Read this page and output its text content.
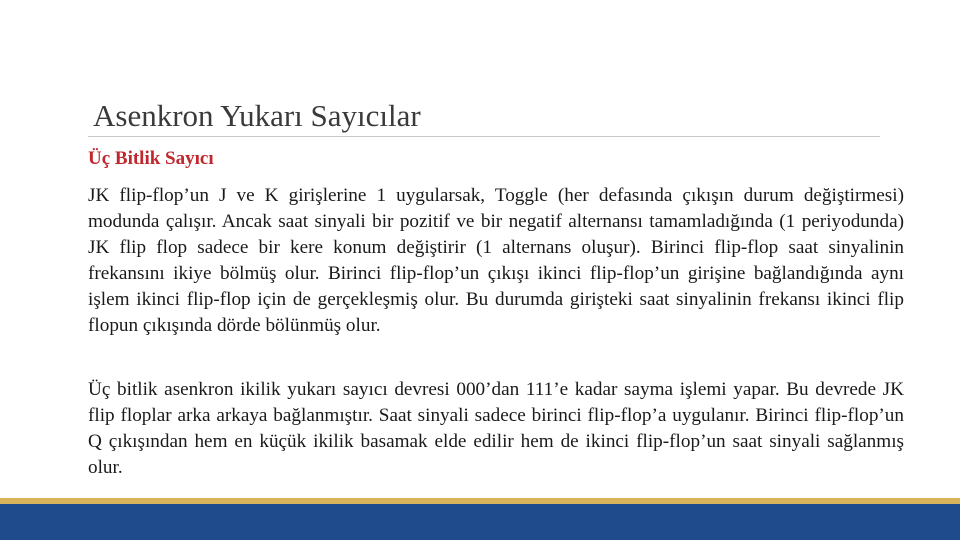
Asenkron Yukarı Sayıcılar
Üç Bitlik Sayıcı

JK flip-flop’un J ve K girişlerine 1 uygularsak, Toggle (her defasında çıkışın durum değiştirmesi) modunda çalışır. Ancak saat sinyali bir pozitif ve bir negatif alternansı tamamladığında (1 periyodunda) JK flip flop sadece bir kere konum değiştirir (1 alternans oluşur). Birinci flip-flop saat sinyalinin frekansını ikiye bölmüş olur. Birinci flip-flop’un çıkışı ikinci flip-flop’un girişine bağlandığında aynı işlem ikinci flip-flop için de gerçekleşmiş olur. Bu durumda girişteki saat sinyalinin frekansı ikinci flip flopun çıkışında dörde bölünmüş olur.

Üç bitlik asenkron ikilik yukarı sayıcı devresi 000’dan 111’e kadar sayma işlemi yapar. Bu devrede JK flip floplar arka arkaya bağlanmıştır. Saat sinyali sadece birinci flip-flop’a uygulanır. Birinci flip-flop’un Q çıkışından hem en küçük ikilik basamak elde edilir hem de ikinci flip-flop’un saat sinyali sağlanmış olur.
